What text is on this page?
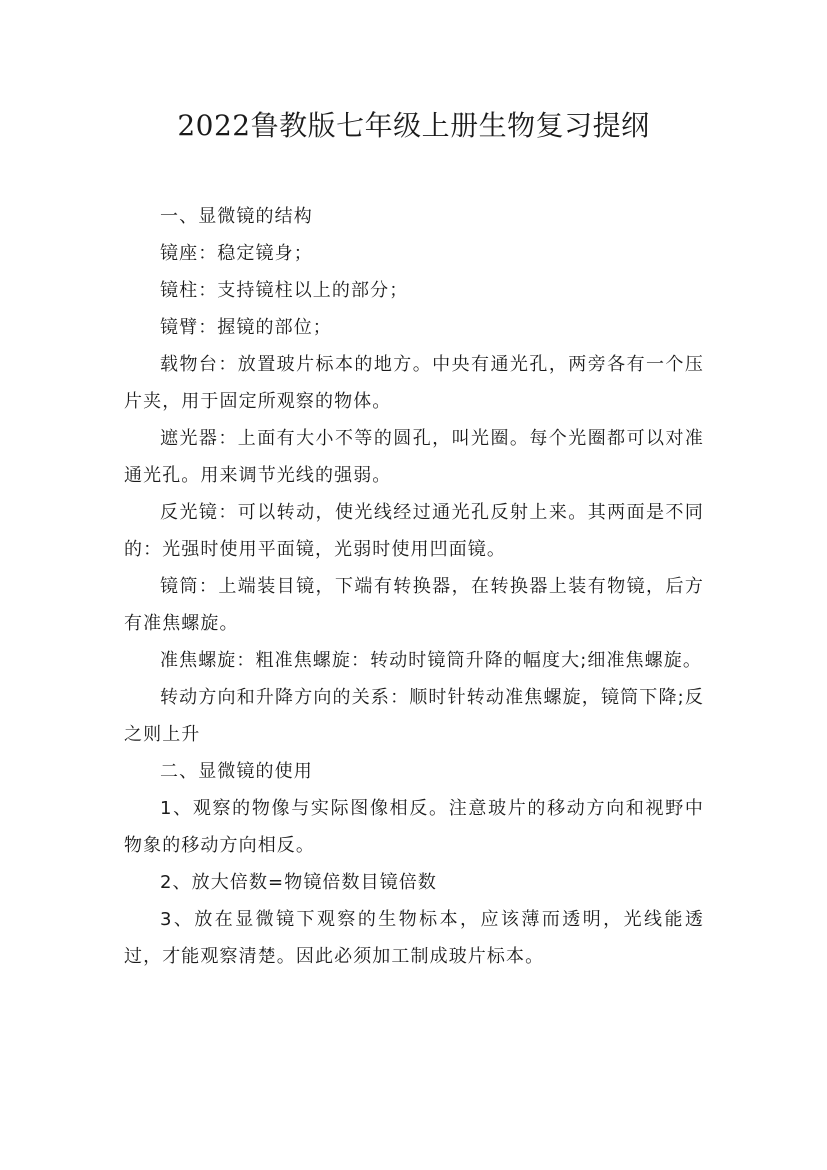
2022鲁教版七年级上册生物复习提纲

一、显微镜的结构

镜座：稳定镜身；

镜柱：支持镜柱以上的部分；

镜臂：握镜的部位；

载物台：放置玻片标本的地方。中央有通光孔，两旁各有一个压片夹，用于固定所观察的物体。

遮光器：上面有大小不等的圆孔，叫光圈。每个光圈都可以对准通光孔。用来调节光线的强弱。

反光镜：可以转动，使光线经过通光孔反射上来。其两面是不同的：光强时使用平面镜，光弱时使用凹面镜。

镜筒：上端装目镜，下端有转换器，在转换器上装有物镜，后方有准焦螺旋。

准焦螺旋：粗准焦螺旋：转动时镜筒升降的幅度大;细准焦螺旋。

转动方向和升降方向的关系：顺时针转动准焦螺旋，镜筒下降;反之则上升

二、显微镜的使用

1、观察的物像与实际图像相反。注意玻片的移动方向和视野中物象的移动方向相反。

2、放大倍数=物镜倍数目镜倍数

3、放在显微镜下观察的生物标本，应该薄而透明，光线能透过，才能观察清楚。因此必须加工制成玻片标本。
